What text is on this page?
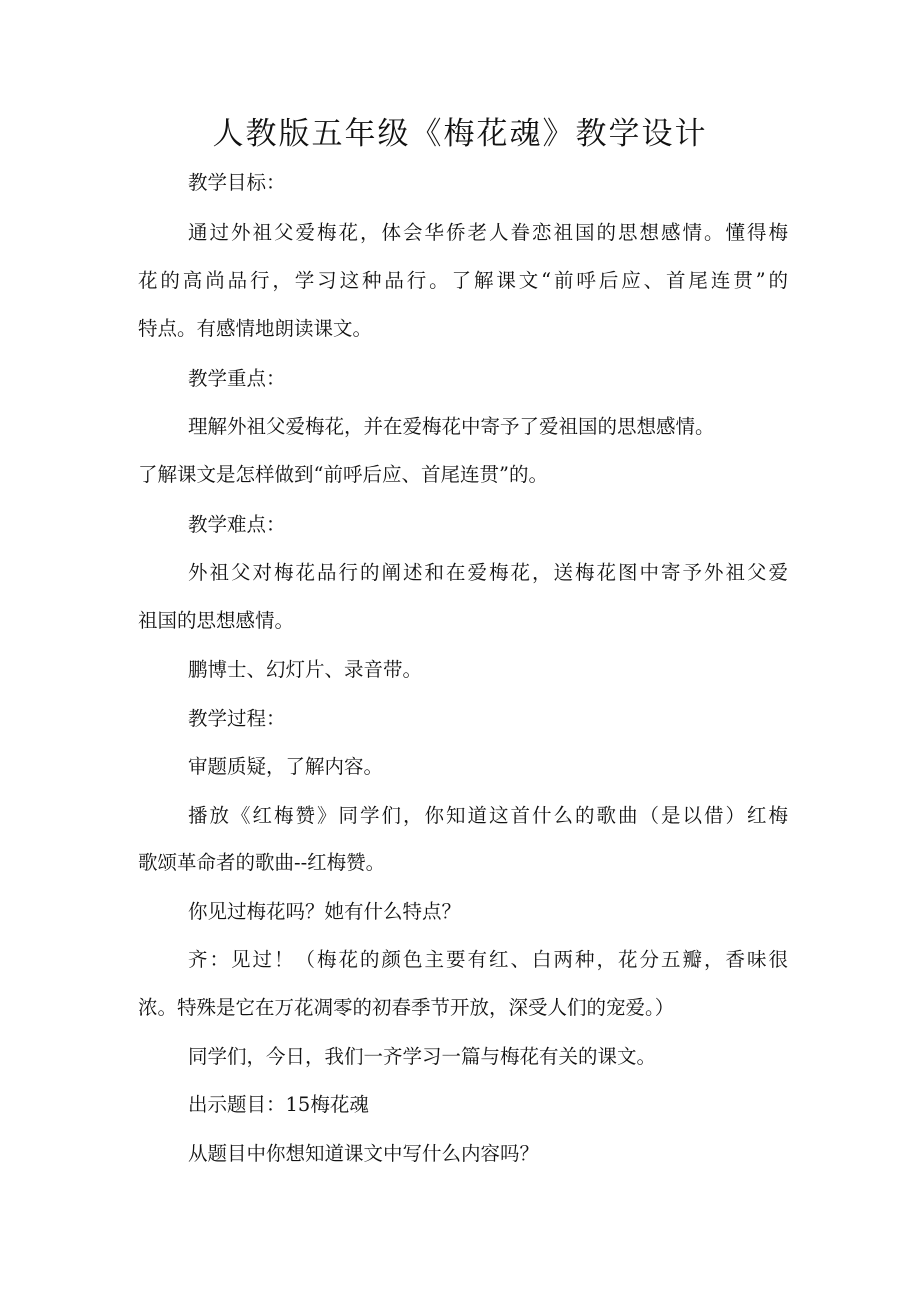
人教版五年级《梅花魂》教学设计
教学目标：
通过外祖父爱梅花，体会华侨老人眷恋祖国的思想感情。懂得梅
花的高尚品行，学习这种品行。了解课文“前呼后应、首尾连贯”的
特点。有感情地朗读课文。
教学重点：
理解外祖父爱梅花，并在爱梅花中寄予了爱祖国的思想感情。
了解课文是怎样做到“前呼后应、首尾连贯”的。
教学难点：
外祖父对梅花品行的阐述和在爱梅花，送梅花图中寄予外祖父爱
祖国的思想感情。
鹏博士、幻灯片、录音带。
教学过程：
审题质疑，了解内容。
播放《红梅赞》同学们，你知道这首什么的歌曲（是以借）红梅
歌颂革命者的歌曲--红梅赞。
你见过梅花吗？她有什么特点？
齐：见过！（梅花的颜色主要有红、白两种，花分五瓣，香味很
浓。特殊是它在万花凋零的初春季节开放，深受人们的宠爱。）
同学们，今日，我们一齐学习一篇与梅花有关的课文。
出示题目：15梅花魂
从题目中你想知道课文中写什么内容吗？
